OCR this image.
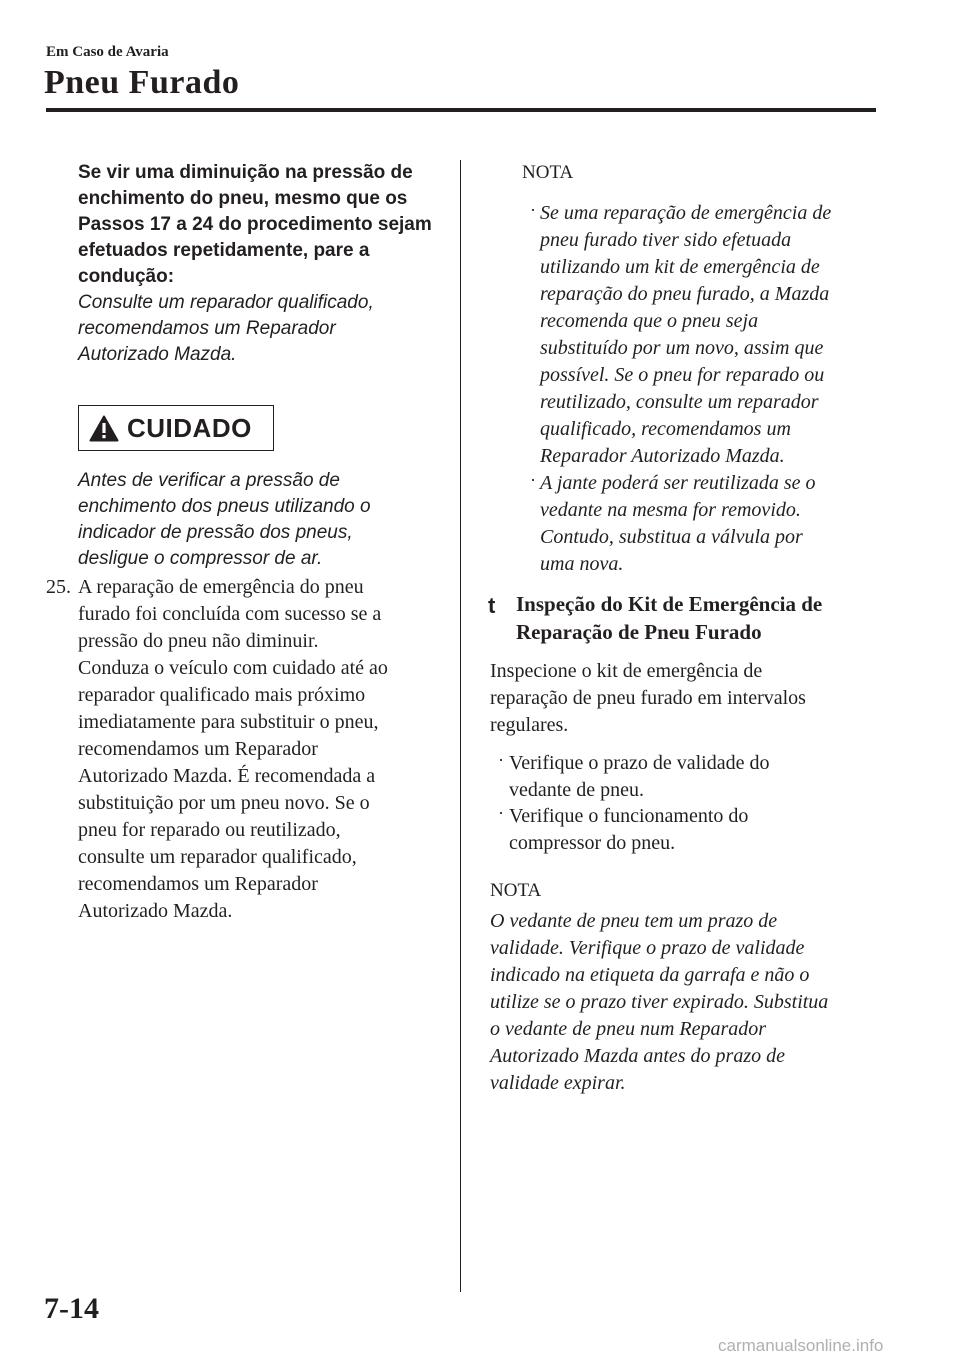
Em Caso de Avaria
Pneu Furado
Se vir uma diminuição na pressão de
enchimento do pneu, mesmo que os
Passos 17 a 24 do procedimento sejam
efetuados repetidamente, pare a
condução:
Consulte um reparador qualificado,
recomendamos um Reparador
Autorizado Mazda.
CUIDADO
Antes de verificar a pressão de
enchimento dos pneus utilizando o
indicador de pressão dos pneus,
desligue o compressor de ar.
25. A reparação de emergência do pneu
furado foi concluída com sucesso se a
pressão do pneu não diminuir.
Conduza o veículo com cuidado até ao
reparador qualificado mais próximo
imediatamente para substituir o pneu,
recomendamos um Reparador
Autorizado Mazda. É recomendada a
substituição por um pneu novo. Se o
pneu for reparado ou reutilizado,
consulte um reparador qualificado,
recomendamos um Reparador
Autorizado Mazda.
NOTA
· Se uma reparação de emergência de
pneu furado tiver sido efetuada
utilizando um kit de emergência de
reparação do pneu furado, a Mazda
recomenda que o pneu seja
substituído por um novo, assim que
possível. Se o pneu for reparado ou
reutilizado, consulte um reparador
qualificado, recomendamos um
Reparador Autorizado Mazda.
· A jante poderá ser reutilizada se o
vedante na mesma for removido.
Contudo, substitua a válvula por
uma nova.
t Inspeção do Kit de Emergência de
Reparação de Pneu Furado
Inspecione o kit de emergência de
reparação de pneu furado em intervalos
regulares.
· Verifique o prazo de validade do
vedante de pneu.
· Verifique o funcionamento do
compressor do pneu.
NOTA
O vedante de pneu tem um prazo de
validade. Verifique o prazo de validade
indicado na etiqueta da garrafa e não o
utilize se o prazo tiver expirado. Substitua
o vedante de pneu num Reparador
Autorizado Mazda antes do prazo de
validade expirar.
7-14
carmanualsonline.info
